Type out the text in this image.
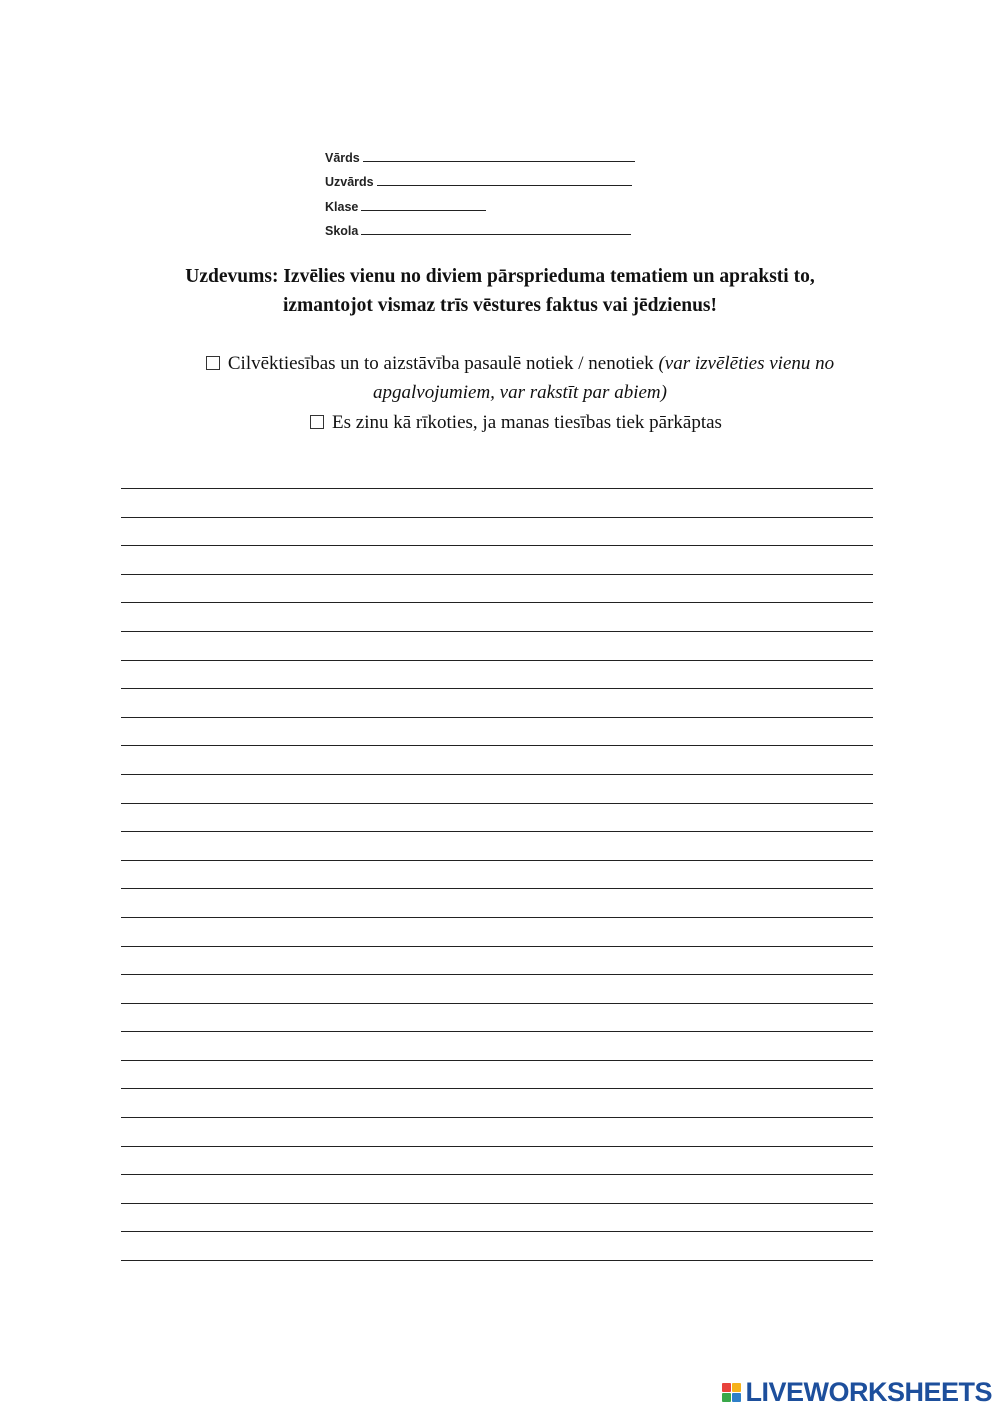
Vārds
Uzvārds
Klase
Skola
Uzdevums: Izvēlies vienu no diviem pārsprieduma tematiem un apraksti to,
izmantojot vismaz trīs vēstures faktus vai jēdzienus!
Cilvēktiesības un to aizstāvība pasaulē notiek / nenotiek (var izvēlēties vienu no apgalvojumiem, var rakstīt par abiem)
Es zinu kā rīkoties, ja manas tiesības tiek pārkāptas
LIVEWORKSHEETS
